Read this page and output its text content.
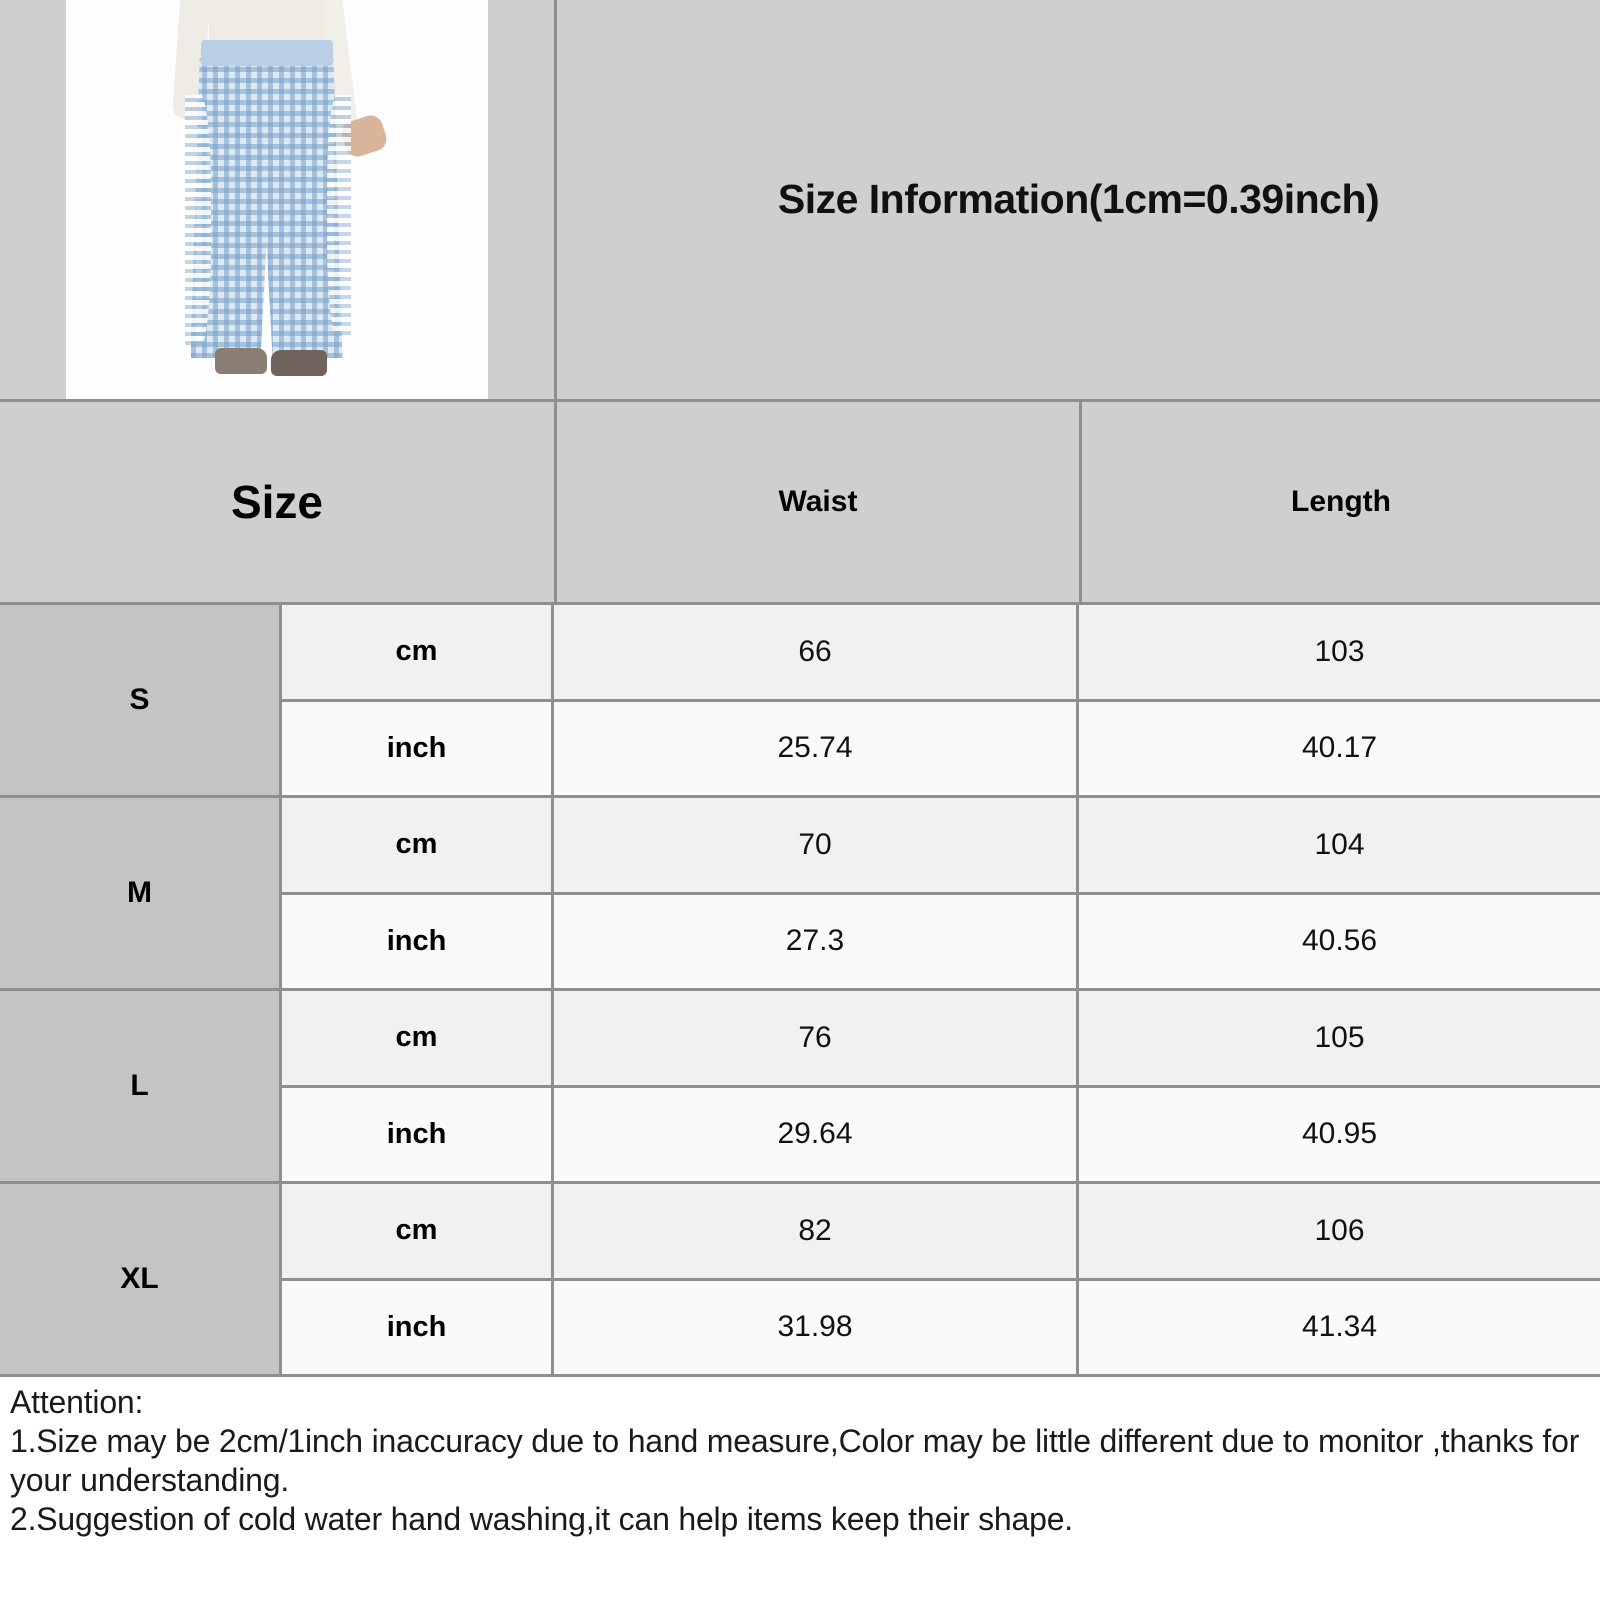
Size Information(1cm=0.39inch)
Size	Waist	Length
S
cm	66	103
inch	25.74	40.17
M
cm	70	104
inch	27.3	40.56
L
cm	76	105
inch	29.64	40.95
XL
cm	82	106
inch	31.98	41.34

Attention:

1.Size may be 2cm/1inch inaccuracy due to hand measure,Color may be little different due to monitor ,thanks for your understanding.

2.Suggestion of cold water hand washing,it can help items keep their shape.
